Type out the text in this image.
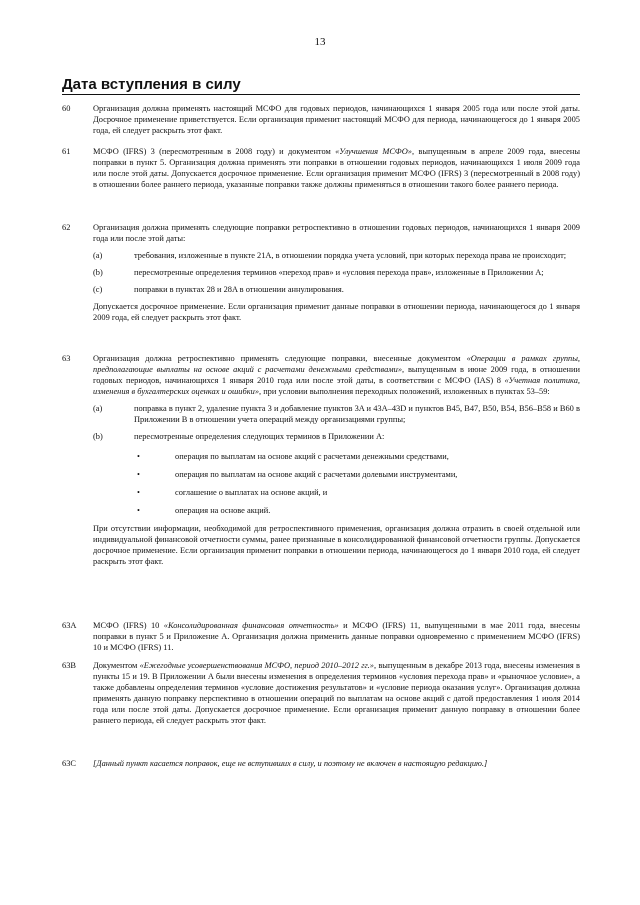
13
Дата вступления в силу
60	Организация должна применять настоящий МСФО для годовых периодов, начинающихся 1 января 2005 года или после этой даты. Досрочное применение приветствуется. Если организация применит настоящий МСФО для периода, начинающегося до 1 января 2005 года, ей следует раскрыть этот факт.

61	МСФО (IFRS) 3 (пересмотренным в 2008 году) и документом «Улучшения МСФО», выпущенным в апреле 2009 года, внесены поправки в пункт 5. Организация должна применять эти поправки в отношении годовых периодов, начинающихся 1 июля 2009 года или после этой даты. Допускается досрочное применение. Если организация применит МСФО (IFRS) 3 (пересмотренный в 2008 году) в отношении более раннего периода, указанные поправки также должны применяться в отношении такого более раннего периода.

62	Организация должна применять следующие поправки ретроспективно в отношении годовых периодов, начинающихся 1 января 2009 года или после этой даты:

(a)	требования, изложенные в пункте 21A, в отношении порядка учета условий, при которых перехода права не происходит;
(b)	пересмотренные определения терминов «переход прав» и «условия перехода прав», изложенные в Приложении A;
(c)	поправки в пунктах 28 и 28A в отношении аннулирования.

Допускается досрочное применение. Если организация применит данные поправки в отношении периода, начинающегося до 1 января 2009 года, ей следует раскрыть этот факт.

63	Организация должна ретроспективно применять следующие поправки, внесенные документом «Операции в рамках группы, предполагающие выплаты на основе акций с расчетами денежными средствами», выпущенным в июне 2009 года, в отношении годовых периодов, начинающихся 1 января 2010 года или после этой даты, в соответствии с МСФО (IAS) 8 «Учетная политика, изменения в бухгалтерских оценках и ошибки», при условии выполнения переходных положений, изложенных в пунктах 53–59:

(a)	поправка в пункт 2, удаление пункта 3 и добавление пунктов 3A и 43A–43D и пунктов B45, B47, B50, B54, B56–B58 и B60 в Приложении B в отношении учета операций между организациями группы;
(b)	пересмотренные определения следующих терминов в Приложении A:
•	операция по выплатам на основе акций с расчетами денежными средствами,
•	операция по выплатам на основе акций с расчетами долевыми инструментами,
•	соглашение о выплатах на основе акций, и
•	операция на основе акций.

При отсутствии информации, необходимой для ретроспективного применения, организация должна отразить в своей отдельной или индивидуальной финансовой отчетности суммы, ранее признанные в консолидированной финансовой отчетности группы. Допускается досрочное применение. Если организация применит поправки в отношении периода, начинающегося до 1 января 2010 года, ей следует раскрыть этот факт.

63A	МСФО (IFRS) 10 «Консолидированная финансовая отчетность» и МСФО (IFRS) 11, выпущенными в мае 2011 года, внесены поправки в пункт 5 и Приложение A. Организация должна применить данные поправки одновременно с применением МСФО (IFRS) 10 и МСФО (IFRS) 11.

63B	Документом «Ежегодные усовершенствования МСФО, период 2010–2012 гг.», выпущенным в декабре 2013 года, внесены изменения в пункты 15 и 19. В Приложении A были внесены изменения в определения терминов «условия перехода прав» и «рыночное условие», а также добавлены определения терминов «условие достижения результатов» и «условие периода оказания услуг». Организация должна применять данную поправку перспективно в отношении операций по выплатам на основе акций с датой предоставления 1 июля 2014 года или после этой даты. Допускается досрочное применение. Если организация применит данную поправку в отношении более раннего периода, ей следует раскрыть этот факт.

63C	[Данный пункт касается поправок, еще не вступивших в силу, и поэтому не включен в настоящую редакцию.]
